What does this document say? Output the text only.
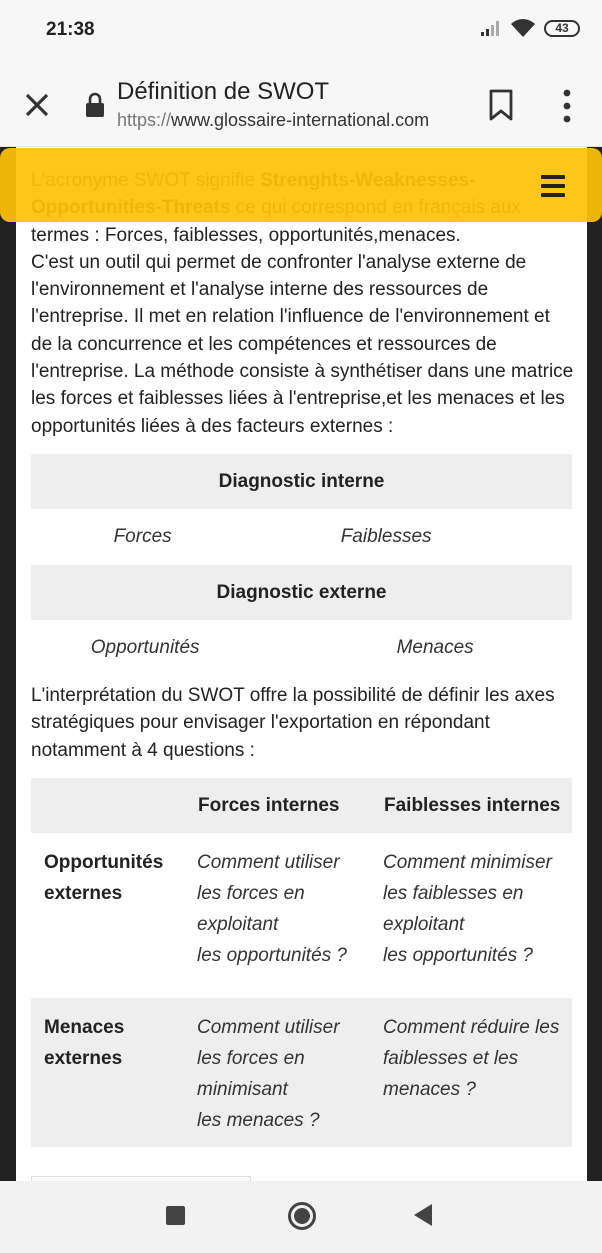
21:38	43
Définition de SWOT
https://www.glossaire-international.com

termes : Forces, faiblesses, opportunités,menaces.

C'est un outil qui permet de confronter l'analyse externe de l'environnement et l'analyse interne des ressources de l'entreprise. Il met en relation l'influence de l'environnement et de la concurrence et les compétences et ressources de l'entreprise. La méthode consiste à synthétiser dans une matrice les forces et faiblesses liées à l'entreprise,et les menaces et les opportunités liées à des facteurs externes :

Diagnostic interne	
Forces	Faiblesses
Diagnostic externe	
Opportunités	Menaces

L'interprétation du SWOT offre la possibilité de définir les axes stratégiques pour envisager l'exportation en répondant notamment à 4 questions :

	Forces internes	Faiblesses internes

Opportunités
externes	Comment utiliser
les forces en
exploitant
les opportunités ?	Comment minimiser
les faiblesses en
exploitant
les opportunités ?

Menaces
externes	Comment utiliser
les forces en
minimisant
les menaces ?	Comment réduire les
faiblesses et les
menaces ?
